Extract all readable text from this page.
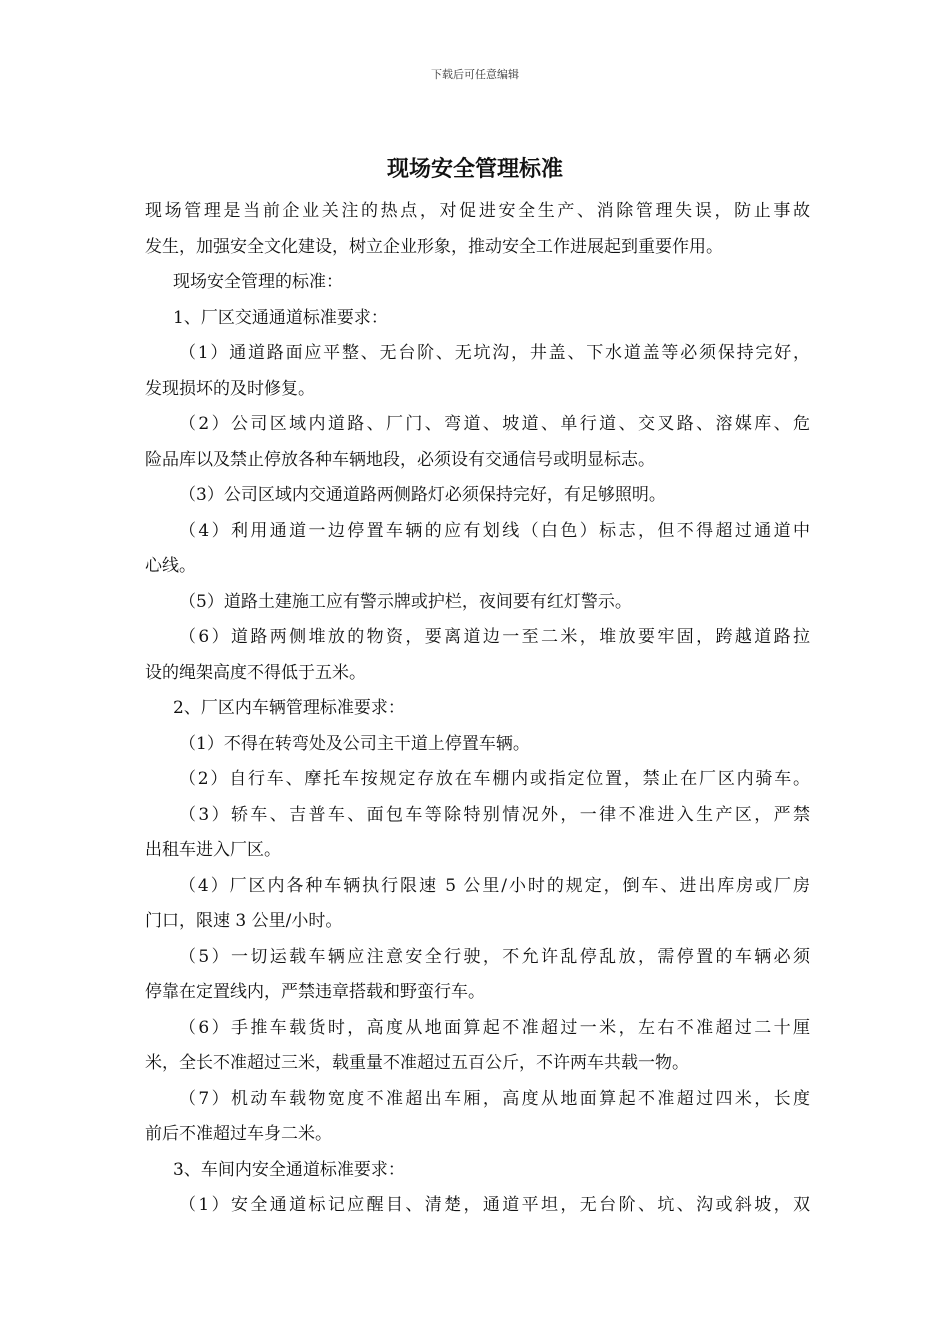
下载后可任意编辑
现场安全管理标准
现场管理是当前企业关注的热点，对促进安全生产、消除管理失误，防止事故
发生，加强安全文化建设，树立企业形象，推动安全工作进展起到重要作用。
现场安全管理的标准：
1、厂区交通通道标准要求：
（1）通道路面应平整、无台阶、无坑沟，井盖、下水道盖等必须保持完好，
发现损坏的及时修复。
（2）公司区域内道路、厂门、弯道、坡道、单行道、交叉路、溶媒库、危
险品库以及禁止停放各种车辆地段，必须设有交通信号或明显标志。
（3）公司区域内交通道路两侧路灯必须保持完好，有足够照明。
（4）利用通道一边停置车辆的应有划线（白色）标志，但不得超过通道中
心线。
（5）道路土建施工应有警示牌或护栏，夜间要有红灯警示。
（6）道路两侧堆放的物资，要离道边一至二米，堆放要牢固，跨越道路拉
设的绳架高度不得低于五米。
2、厂区内车辆管理标准要求：
（1）不得在转弯处及公司主干道上停置车辆。
（2）自行车、摩托车按规定存放在车棚内或指定位置，禁止在厂区内骑车。
（3）轿车、吉普车、面包车等除特别情况外，一律不准进入生产区，严禁
出租车进入厂区。
（4）厂区内各种车辆执行限速 5 公里/小时的规定，倒车、进出库房或厂房
门口，限速 3 公里/小时。
（5）一切运载车辆应注意安全行驶，不允许乱停乱放，需停置的车辆必须
停靠在定置线内，严禁违章搭载和野蛮行车。
（6）手推车载货时，高度从地面算起不准超过一米，左右不准超过二十厘
米，全长不准超过三米，载重量不准超过五百公斤，不许两车共载一物。
（7）机动车载物宽度不准超出车厢，高度从地面算起不准超过四米，长度
前后不准超过车身二米。
3、车间内安全通道标准要求：
（1）安全通道标记应醒目、清楚，通道平坦，无台阶、坑、沟或斜坡，双
